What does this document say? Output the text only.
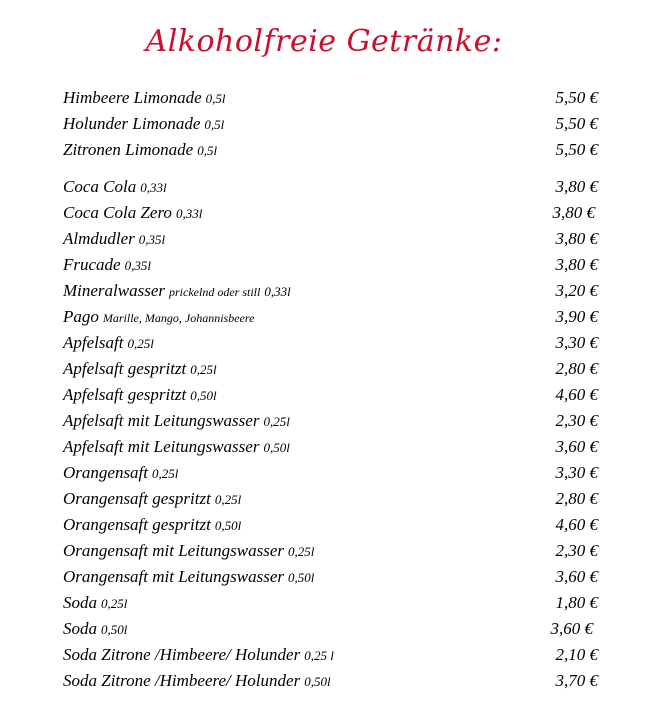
Alkoholfreie Getränke:
Himbeere Limonade 0,5l	5,50 €
Holunder Limonade 0,5l	5,50 €
Zitronen Limonade 0,5l	5,50 €
Coca Cola 0,33l	3,80 €
Coca Cola Zero 0,33l	3,80 €
Almdudler 0,35l	3,80 €
Frucade 0,35l	3,80 €
Mineralwasser prickelnd oder still 0,33l	3,20 €
Pago Marille, Mango, Johannisbeere	3,90 €
Apfelsaft 0,25l	3,30 €
Apfelsaft gespritzt 0,25l	2,80 €
Apfelsaft gespritzt 0,50l	4,60 €
Apfelsaft mit Leitungswasser 0,25l	2,30 €
Apfelsaft mit Leitungswasser 0,50l	3,60 €
Orangensaft 0,25l	3,30 €
Orangensaft gespritzt 0,25l	2,80 €
Orangensaft gespritzt 0,50l	4,60 €
Orangensaft mit Leitungswasser 0,25l	2,30 €
Orangensaft mit Leitungswasser 0,50l	3,60 €
Soda 0,25l	1,80 €
Soda 0,50l	3,60 €
Soda Zitrone /Himbeere/ Holunder 0,25 l	2,10 €
Soda Zitrone /Himbeere/ Holunder 0,50l	3,70 €
